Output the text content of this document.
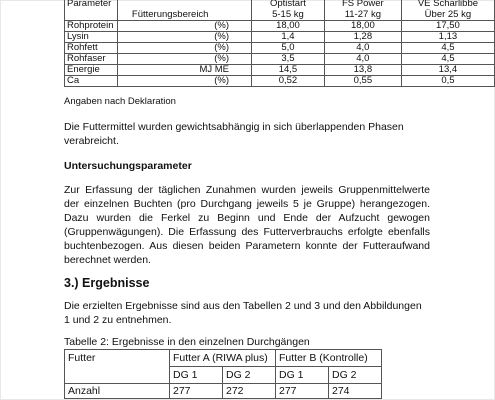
Parameter		Optistart	FS Power	VE Scharlibbe
	Fütterungsbereich	5-15 kg	11-27 kg	Über 25 kg
Rohprotein	(%)	18,00	18,00	17,50
Lysin	(%)	1,4	1,28	1,13
Rohfett	(%)	5,0	4,0	4,5
Rohfaser	(%)	3,5	4,0	4,5
Energie	MJ ME	14,5	13,8	13,4
Ca	(%)	0,52	0,55	0,5
Angaben nach Deklaration
Die Futtermittel wurden gewichtsabhängig in sich überlappenden Phasen verabreicht.
Untersuchungsparameter
Zur Erfassung der täglichen Zunahmen wurden jeweils Gruppenmittelwerte der einzelnen Buchten (pro Durchgang jeweils 5 je Gruppe) herangezogen. Dazu wurden die Ferkel zu Beginn und Ende der Aufzucht gewogen (Gruppenwägungen). Die Erfassung des Futterverbrauchs erfolgte ebenfalls buchtenbezogen. Aus diesen beiden Parametern konnte der Futteraufwand berechnet werden.
3.) Ergebnisse
Die erzielten Ergebnisse sind aus den Tabellen 2 und 3 und den Abbildungen 1 und 2 zu entnehmen.
Tabelle 2: Ergebnisse in den einzelnen Durchgängen
Futter	Futter A (RIWA plus)		Futter B (Kontrolle)	
	DG 1	DG 2	DG 1	DG 2
Anzahl	277	272	277	274
